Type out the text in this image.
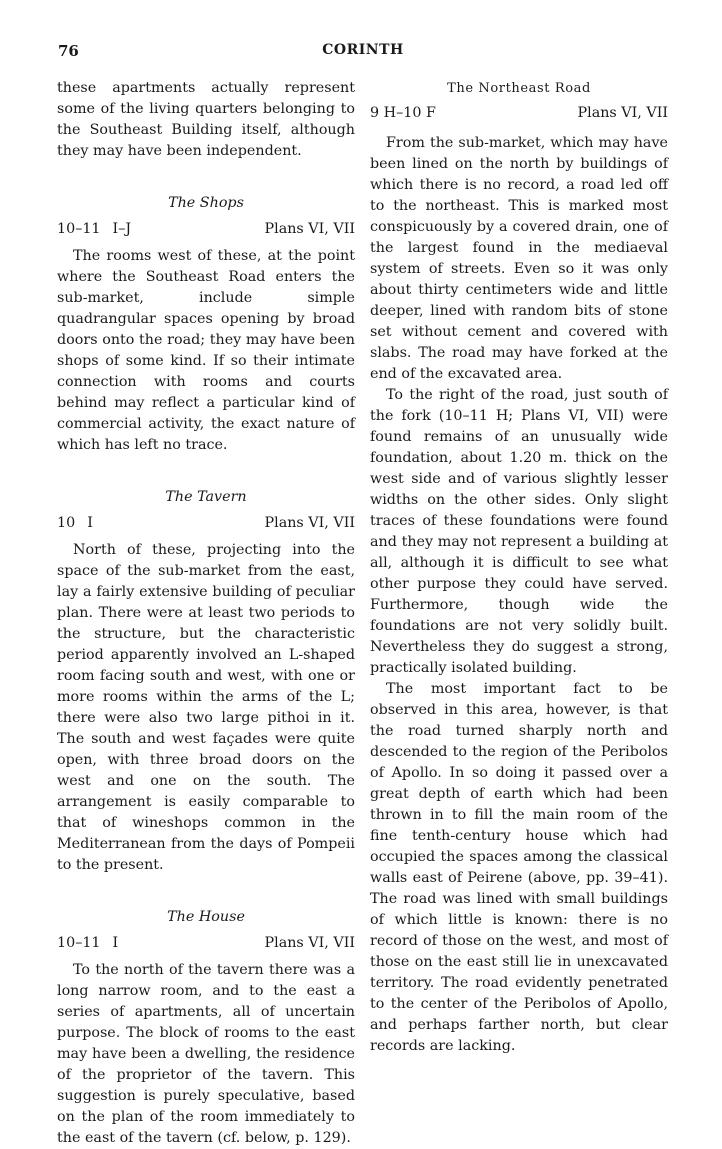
76	CORINTH

these apartments actually represent some of the living quarters belonging to the Southeast Building itself, although they may have been independent.

The Shops
10–11 I–J	Plans VI, VII

The rooms west of these, at the point where the Southeast Road enters the sub-market, include simple quadrangular spaces opening by broad doors onto the road; they may have been shops of some kind. If so their intimate connection with rooms and courts behind may reflect a particular kind of commercial activity, the exact nature of which has left no trace.

The Tavern
10 I	Plans VI, VII

North of these, projecting into the space of the sub-market from the east, lay a fairly extensive building of peculiar plan. There were at least two periods to the structure, but the characteristic period apparently involved an L-shaped room facing south and west, with one or more rooms within the arms of the L; there were also two large pithoi in it. The south and west façades were quite open, with three broad doors on the west and one on the south. The arrangement is easily comparable to that of wineshops common in the Mediterranean from the days of Pompeii to the present.

The House
10–11 I	Plans VI, VII

To the north of the tavern there was a long narrow room, and to the east a series of apartments, all of uncertain purpose. The block of rooms to the east may have been a dwelling, the residence of the proprietor of the tavern. This suggestion is purely speculative, based on the plan of the room immediately to the east of the tavern (cf. below, p. 129).

The Northeast Road
9 H–10 F	Plans VI, VII

From the sub-market, which may have been lined on the north by buildings of which there is no record, a road led off to the northeast. This is marked most conspicuously by a covered drain, one of the largest found in the mediaeval system of streets. Even so it was only about thirty centimeters wide and little deeper, lined with random bits of stone set without cement and covered with slabs. The road may have forked at the end of the excavated area.

To the right of the road, just south of the fork (10–11 H; Plans VI, VII) were found remains of an unusually wide foundation, about 1.20 m. thick on the west side and of various slightly lesser widths on the other sides. Only slight traces of these foundations were found and they may not represent a building at all, although it is difficult to see what other purpose they could have served. Furthermore, though wide the foundations are not very solidly built. Nevertheless they do suggest a strong, practically isolated building.

The most important fact to be observed in this area, however, is that the road turned sharply north and descended to the region of the Peribolos of Apollo. In so doing it passed over a great depth of earth which had been thrown in to fill the main room of the fine tenth-century house which had occupied the spaces among the classical walls east of Peirene (above, pp. 39–41). The road was lined with small buildings of which little is known: there is no record of those on the west, and most of those on the east still lie in unexcavated territory. The road evidently penetrated to the center of the Peribolos of Apollo, and perhaps farther north, but clear records are lacking.
